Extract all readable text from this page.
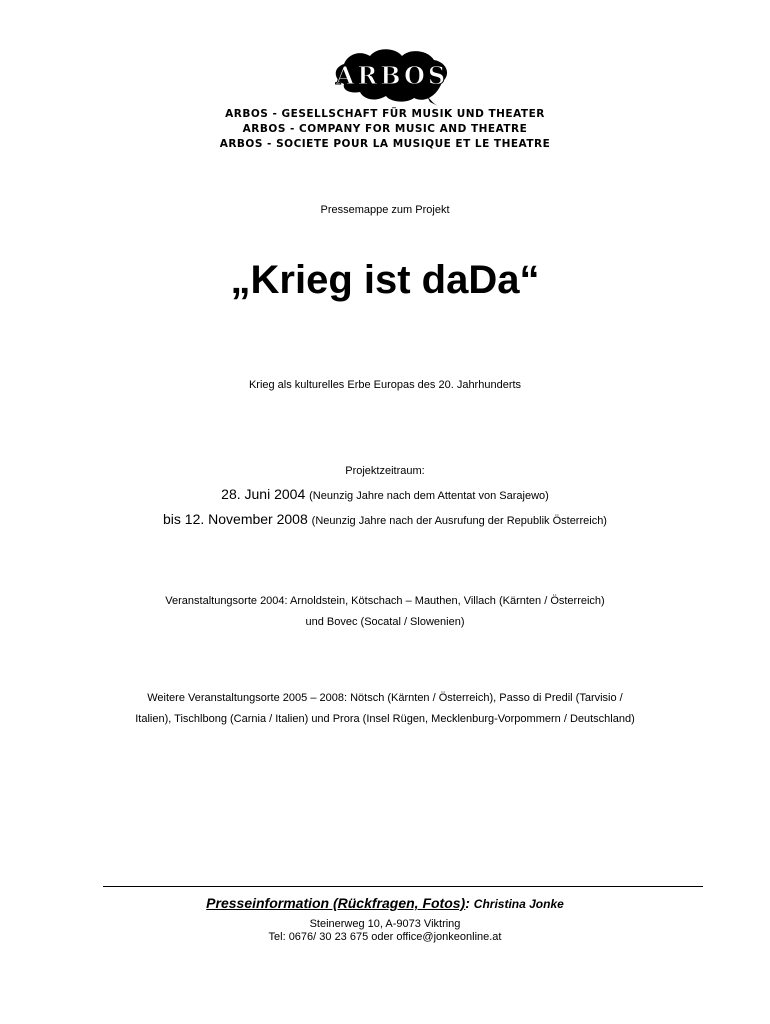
ARBOS
ARBOS - GESELLSCHAFT FÜR MUSIK UND THEATER
ARBOS - COMPANY FOR MUSIC AND THEATRE
ARBOS - SOCIETE POUR LA MUSIQUE ET LE THEATRE
Pressemappe zum Projekt
„Krieg ist daDa“
Krieg als kulturelles Erbe Europas des 20. Jahrhunderts
Projektzeitraum:
28. Juni 2004 (Neunzig Jahre nach dem Attentat von Sarajewo)
bis 12. November 2008 (Neunzig Jahre nach der Ausrufung der Republik Österreich)
Veranstaltungsorte 2004: Arnoldstein, Kötschach – Mauthen, Villach (Kärnten / Österreich)
und Bovec (Socatal / Slowenien)
Weitere Veranstaltungsorte 2005 – 2008: Nötsch (Kärnten / Österreich), Passo di Predil (Tarvisio /
Italien), Tischlbong (Carnia / Italien) und Prora (Insel Rügen, Mecklenburg-Vorpommern / Deutschland)
Presseinformation (Rückfragen, Fotos): Christina Jonke
Steinerweg 10, A-9073 Viktring
Tel: 0676/ 30 23 675 oder office@jonkeonline.at
